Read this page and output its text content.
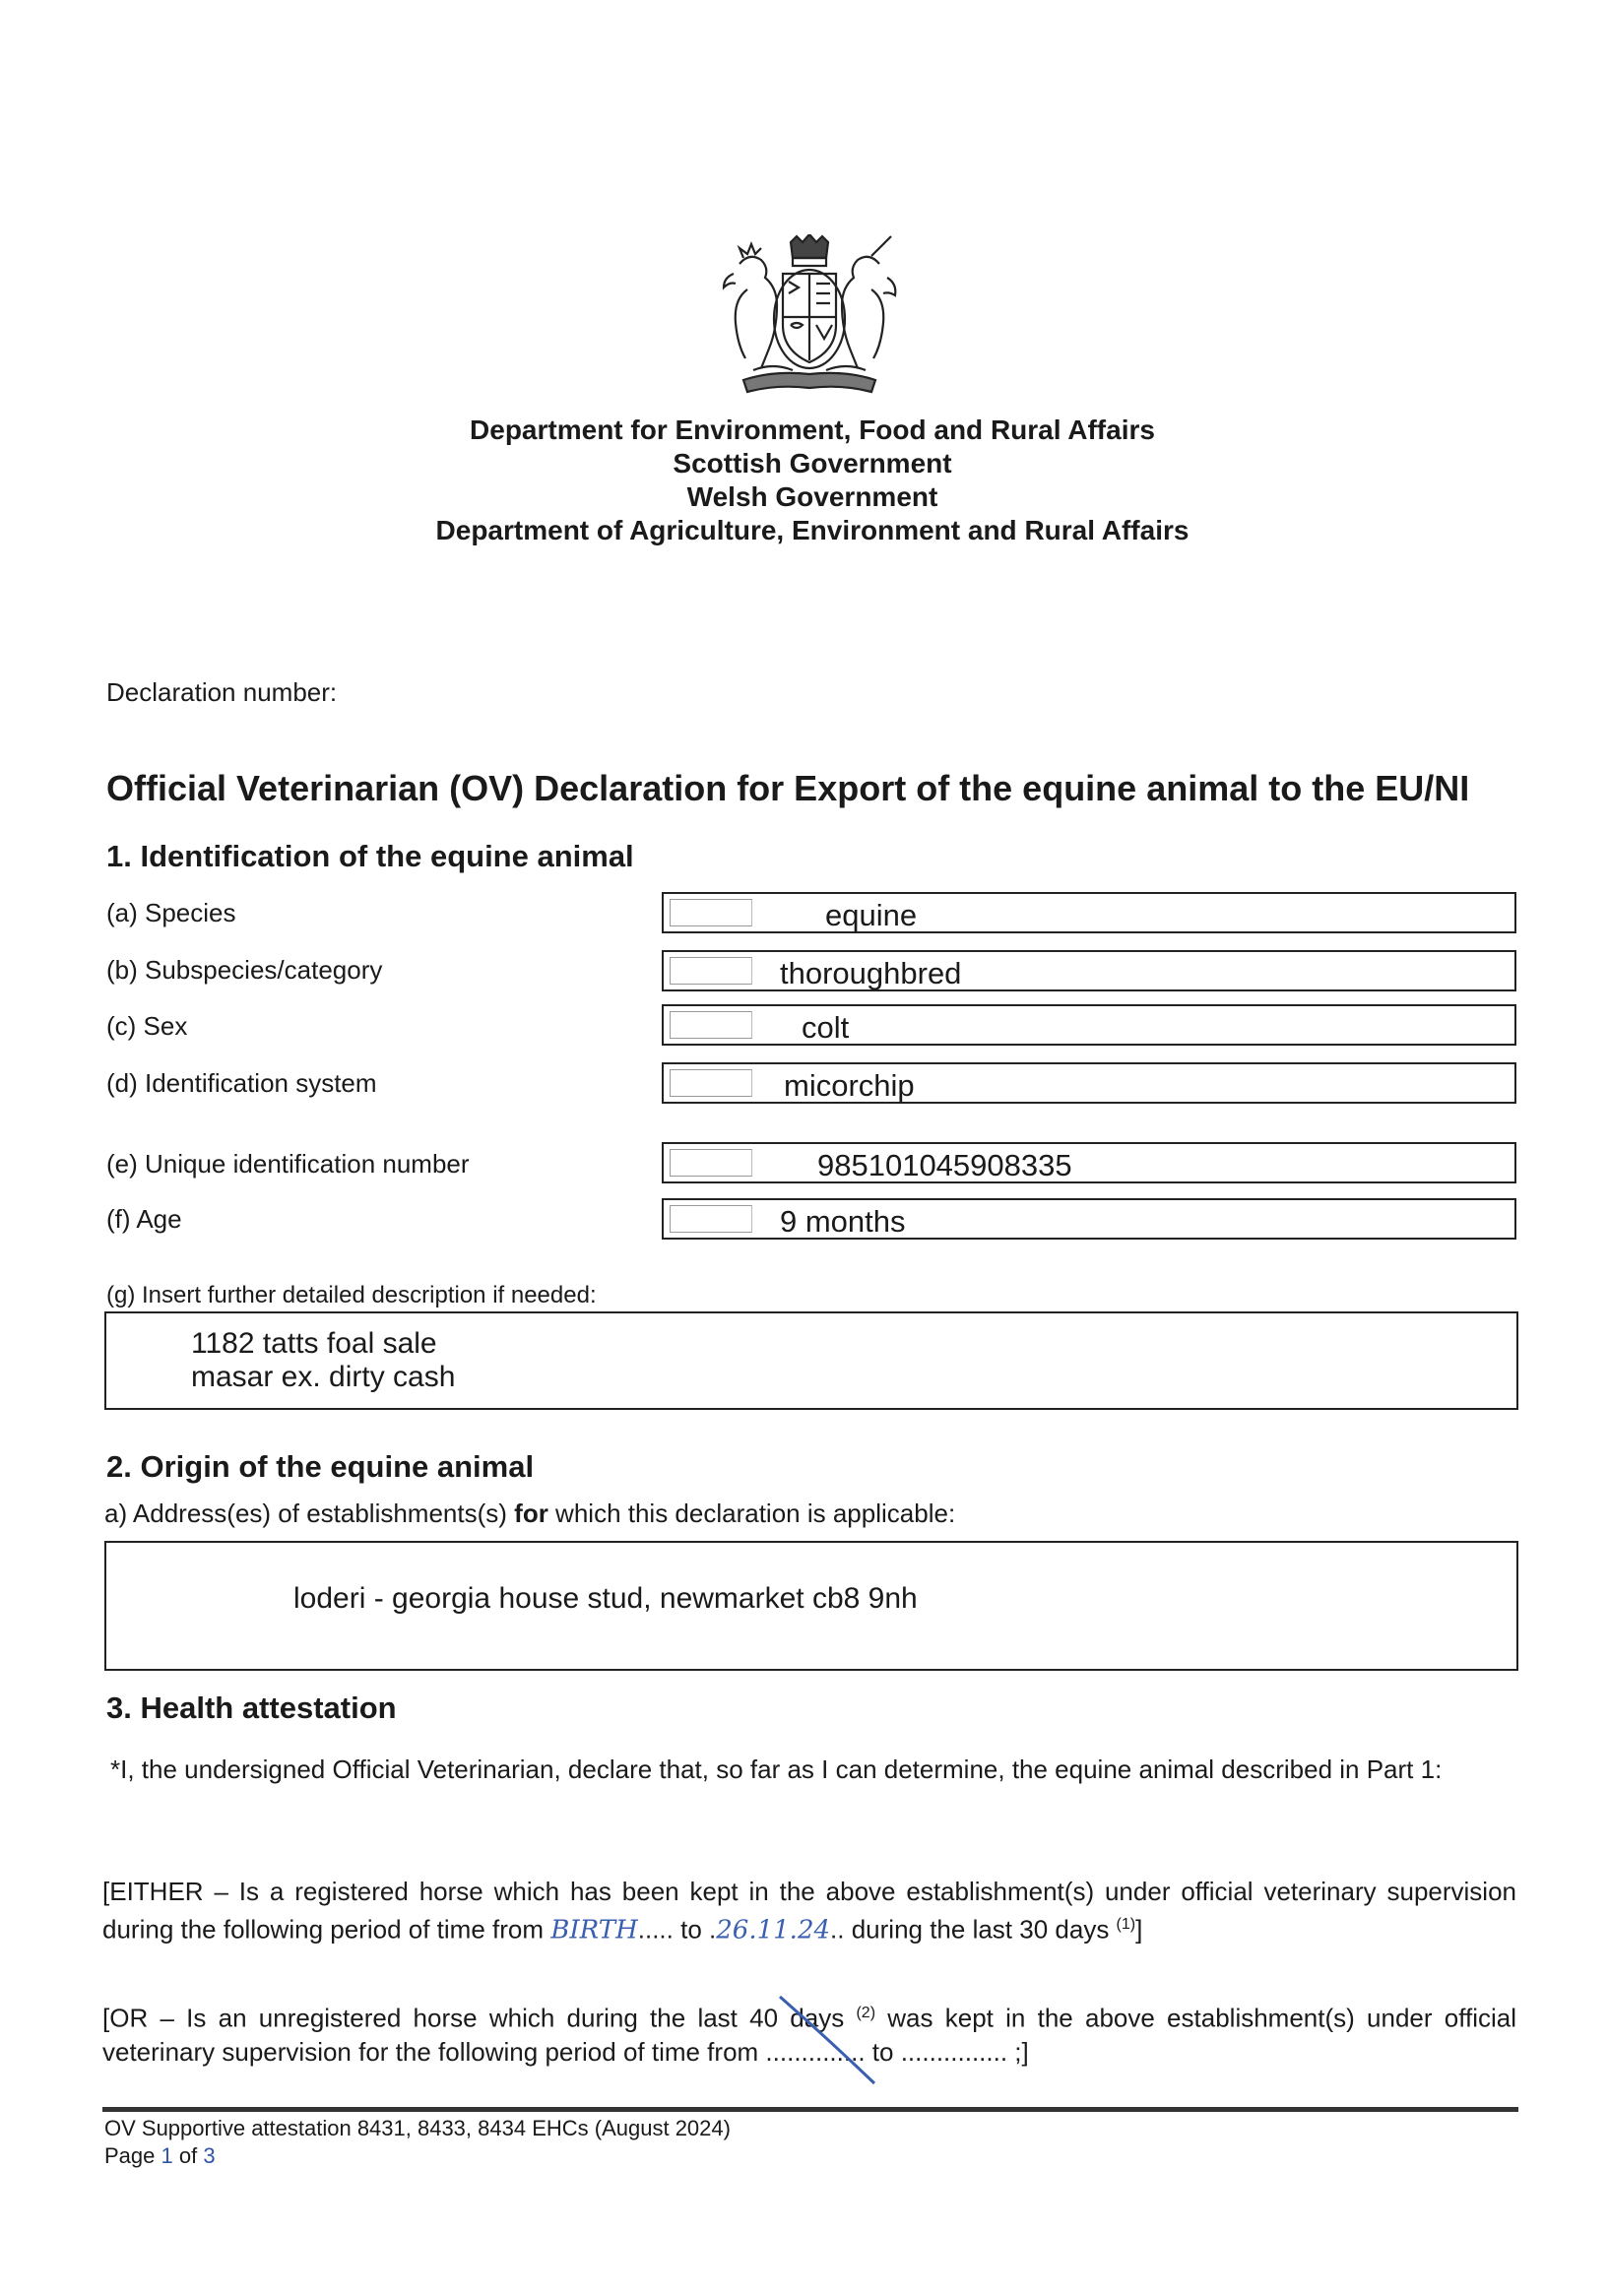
Department for Environment, Food and Rural Affairs
Scottish Government
Welsh Government
Department of Agriculture, Environment and Rural Affairs
Declaration number:
Official Veterinarian (OV) Declaration for Export of the equine animal to the EU/NI
1. Identification of the equine animal
(a) Species	equine
(b) Subspecies/category	thoroughbred
(c) Sex	colt
(d) Identification system	micorchip
(e) Unique identification number	985101045908335
(f) Age	9 months
(g) Insert further detailed description if needed:
1182 tatts foal sale
masar ex. dirty cash
2. Origin of the equine animal
a) Address(es) of establishments(s) for which this declaration is applicable:
loderi - georgia house stud, newmarket cb8 9nh
3. Health attestation
*I, the undersigned Official Veterinarian, declare that, so far as I can determine, the equine animal described in Part 1:
[EITHER – Is a registered horse which has been kept in the above establishment(s) under official veterinary supervision during the following period of time from BIRTH..... to .26.11.24.. during the last 30 days $^{(1)}$]
[OR – Is an unregistered horse which during the last 40 days $^{(2)}$ was kept in the above establishment(s) under official veterinary supervision for the following period of time from .............. to ............... ;]
OV Supportive attestation 8431, 8433, 8434 EHCs (August 2024)
Page 1 of 3
